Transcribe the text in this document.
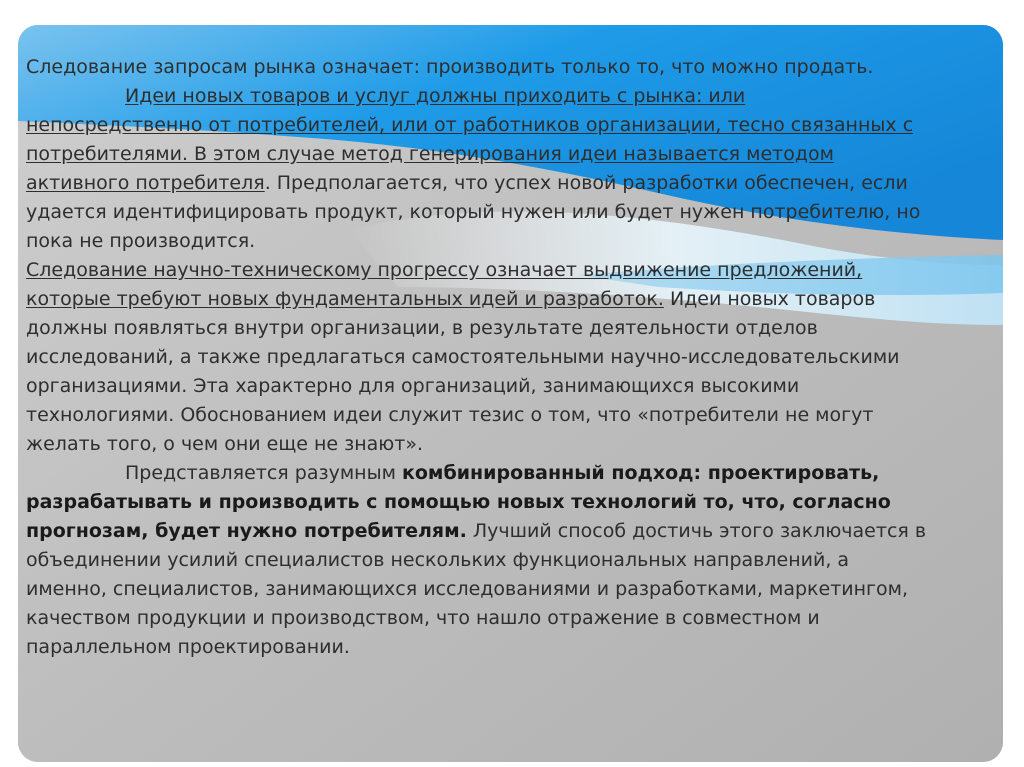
Следование запросам рынка означает: производить только то, что можно продать.
Идеи новых товаров и услуг должны приходить с рынка: или
непосредственно от потребителей, или от работников организации, тесно связанных с
потребителями. В этом случае метод генерирования идеи называется методом
активного потребителя. Предполагается, что успех новой разработки обеспечен, если
удается идентифицировать продукт, который нужен или будет нужен потребителю, но
пока не производится.
Следование научно-техническому прогрессу означает выдвижение предложений,
которые требуют новых фундаментальных идей и разработок. Идеи новых товаров
должны появляться внутри организации, в результате деятельности отделов
исследований, а также предлагаться самостоятельными научно-исследовательскими
организациями. Эта характерно для организаций, занимающихся высокими
технологиями. Обоснованием идеи служит тезис о том, что «потребители не могут
желать того, о чем они еще не знают».
Представляется разумным комбинированный подход: проектировать,
разрабатывать и производить с помощью новых технологий то, что, согласно
прогнозам, будет нужно потребителям. Лучший способ достичь этого заключается в
объединении усилий специалистов нескольких функциональных направлений, а
именно, специалистов, занимающихся исследованиями и разработками, маркетингом,
качеством продукции и производством, что нашло отражение в совместном и
параллельном проектировании.
